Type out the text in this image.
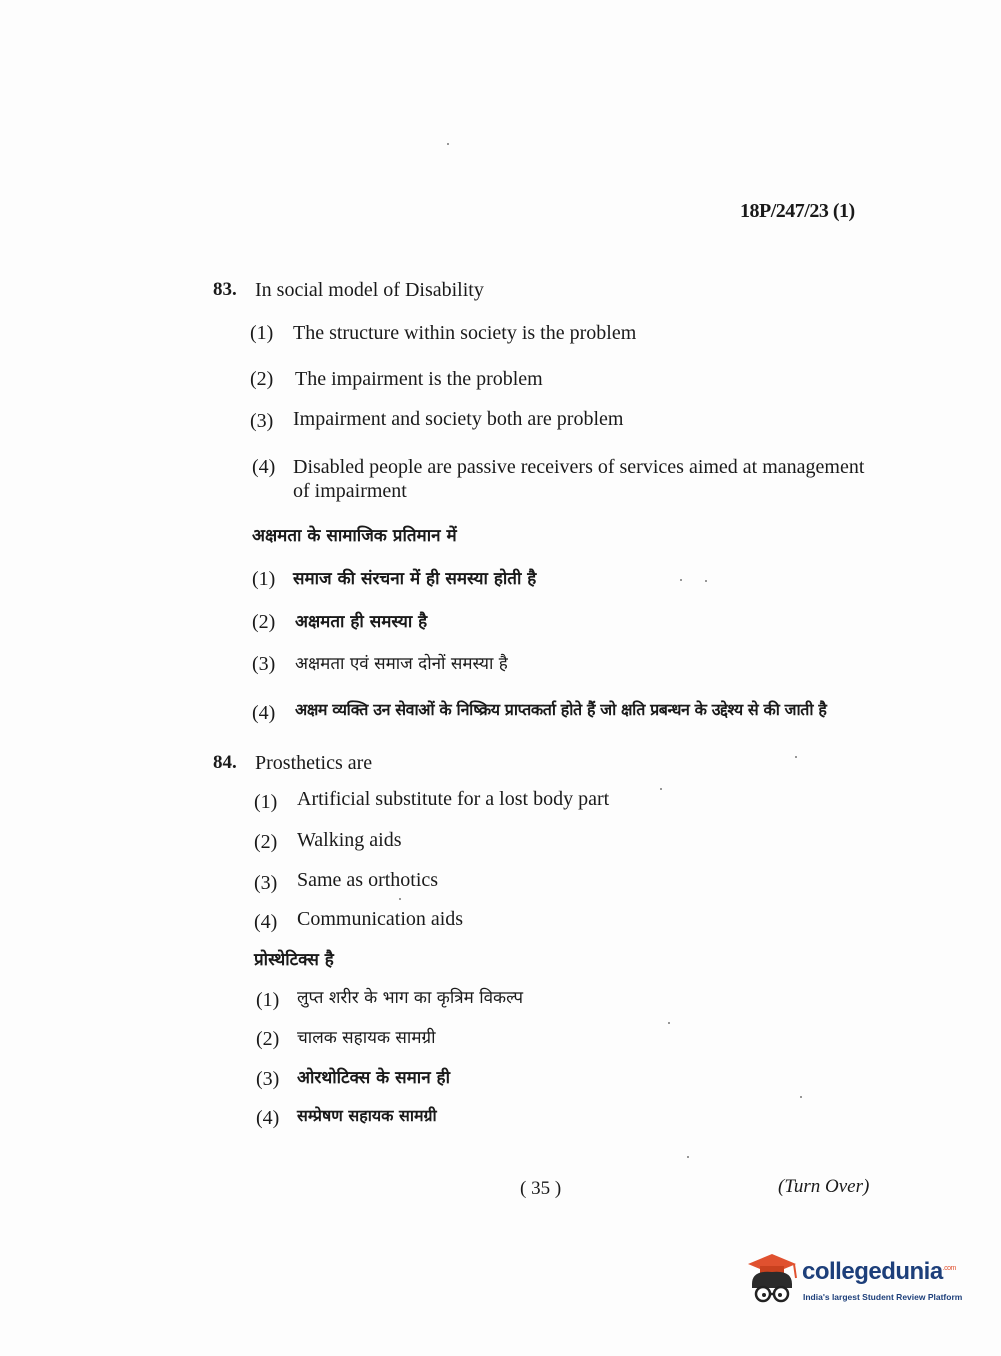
18P/247/23 (1)
83. In social model of Disability
(1) The structure within society is the problem
(2) The impairment is the problem
(3) Impairment and society both are problem
(4) Disabled people are passive receivers of services aimed at management of impairment
अक्षमता के सामाजिक प्रतिमान में
(1) समाज की संरचना में ही समस्या होती है
(2) अक्षमता ही समस्या है
(3) अक्षमता एवं समाज दोनों समस्या है
(4) अक्षम व्यक्ति उन सेवाओं के निष्क्रिय प्राप्तकर्ता होते हैं जो क्षति प्रबन्धन के उद्देश्य से की जाती है
84. Prosthetics are
(1) Artificial substitute for a lost body part
(2) Walking aids
(3) Same as orthotics
(4) Communication aids
प्रोस्थेटिक्स है
(1) लुप्त शरीर के भाग का कृत्रिम विकल्प
(2) चालक सहायक सामग्री
(3) ओरथोटिक्स के समान ही
(4) सम्प्रेषण सहायक सामग्री
( 35 )	(Turn Over)
collegedunia$^{.com}$
India's largest Student Review Platform
